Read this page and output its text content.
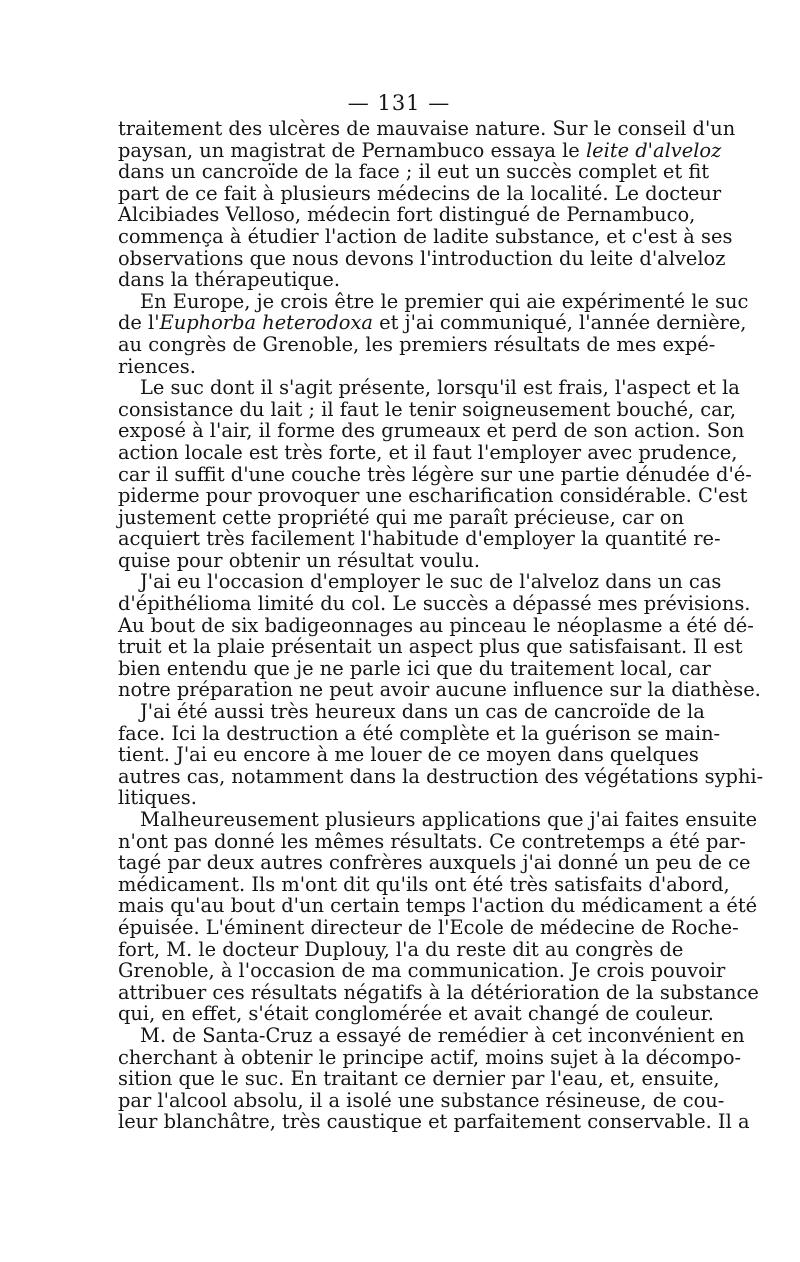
— 131 —

traitement des ulcères de mauvaise nature. Sur le conseil d'un
paysan, un magistrat de Pernambuco essaya le leite d'alveloz
dans un cancroïde de la face ; il eut un succès complet et fit
part de ce fait à plusieurs médecins de la localité. Le docteur
Alcibiades Velloso, médecin fort distingué de Pernambuco,
commença à étudier l'action de ladite substance, et c'est à ses
observations que nous devons l'introduction du leite d'alveloz
dans la thérapeutique.

En Europe, je crois être le premier qui aie expérimenté le suc
de l'Euphorba heterodoxa et j'ai communiqué, l'année dernière,
au congrès de Grenoble, les premiers résultats de mes expé-
riences.

Le suc dont il s'agit présente, lorsqu'il est frais, l'aspect et la
consistance du lait ; il faut le tenir soigneusement bouché, car,
exposé à l'air, il forme des grumeaux et perd de son action. Son
action locale est très forte, et il faut l'employer avec prudence,
car il suffit d'une couche très légère sur une partie dénudée d'é-
piderme pour provoquer une escharification considérable. C'est
justement cette propriété qui me paraît précieuse, car on
acquiert très facilement l'habitude d'employer la quantité re-
quise pour obtenir un résultat voulu.

J'ai eu l'occasion d'employer le suc de l'alveloz dans un cas
d'épithélioma limité du col. Le succès a dépassé mes prévisions.
Au bout de six badigeonnages au pinceau le néoplasme a été dé-
truit et la plaie présentait un aspect plus que satisfaisant. Il est
bien entendu que je ne parle ici que du traitement local, car
notre préparation ne peut avoir aucune influence sur la diathèse.

J'ai été aussi très heureux dans un cas de cancroïde de la
face. Ici la destruction a été complète et la guérison se main-
tient. J'ai eu encore à me louer de ce moyen dans quelques
autres cas, notamment dans la destruction des végétations syphi-
litiques.

Malheureusement plusieurs applications que j'ai faites ensuite
n'ont pas donné les mêmes résultats. Ce contretemps a été par-
tagé par deux autres confrères auxquels j'ai donné un peu de ce
médicament. Ils m'ont dit qu'ils ont été très satisfaits d'abord,
mais qu'au bout d'un certain temps l'action du médicament a été
épuisée. L'éminent directeur de l'Ecole de médecine de Roche-
fort, M. le docteur Duplouy, l'a du reste dit au congrès de
Grenoble, à l'occasion de ma communication. Je crois pouvoir
attribuer ces résultats négatifs à la détérioration de la substance
qui, en effet, s'était conglomérée et avait changé de couleur.

M. de Santa-Cruz a essayé de remédier à cet inconvénient en
cherchant à obtenir le principe actif, moins sujet à la décompo-
sition que le suc. En traitant ce dernier par l'eau, et, ensuite,
par l'alcool absolu, il a isolé une substance résineuse, de cou-
leur blanchâtre, très caustique et parfaitement conservable. Il a
